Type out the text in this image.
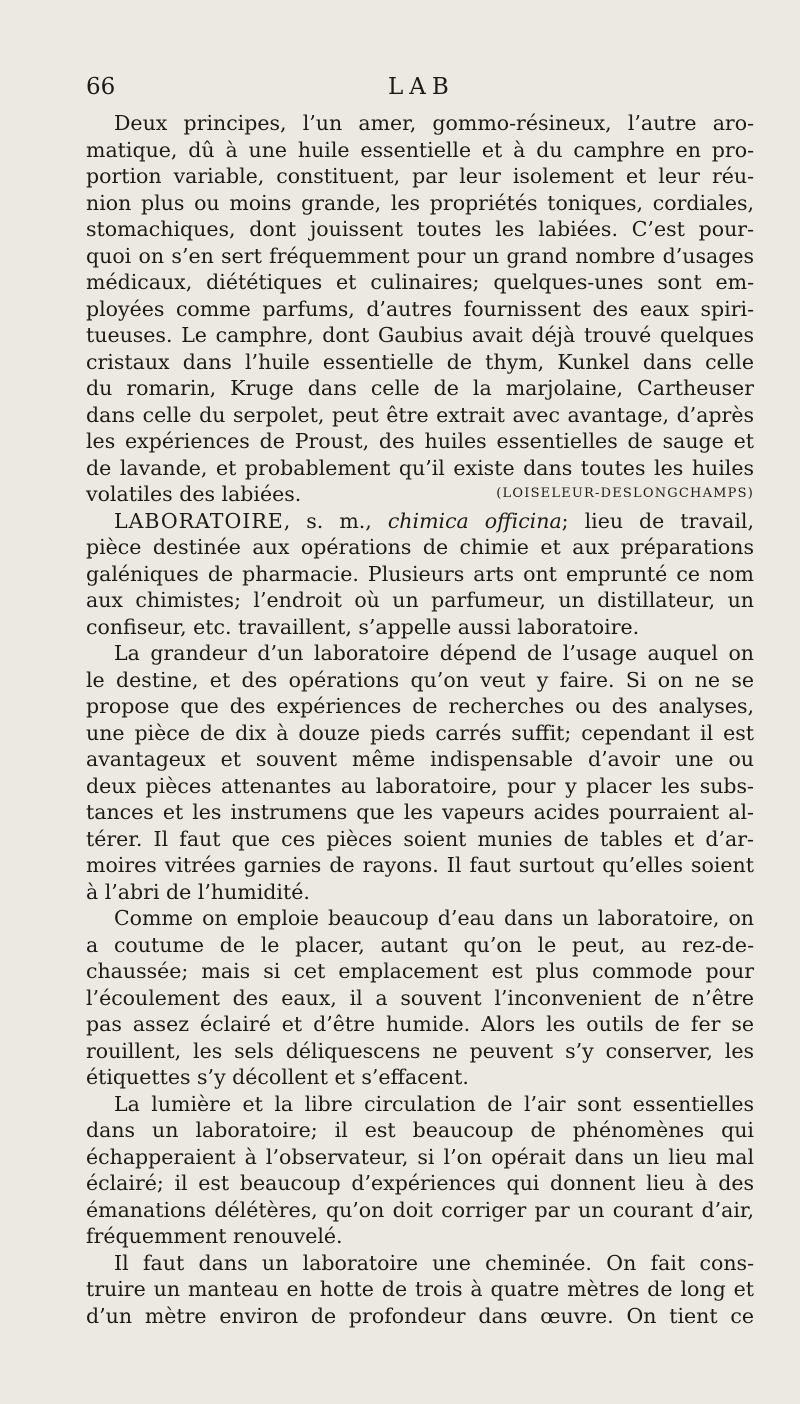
66	LAB
Deux principes, l’un amer, gommo-résineux, l’autre aro-
matique, dû à une huile essentielle et à du camphre en pro-
portion variable, constituent, par leur isolement et leur réu-
nion plus ou moins grande, les propriétés toniques, cordiales,
stomachiques, dont jouissent toutes les labiées. C’est pour-
quoi on s’en sert fréquemment pour un grand nombre d’usages
médicaux, diététiques et culinaires; quelques-unes sont em-
ployées comme parfums, d’autres fournissent des eaux spiri-
tueuses. Le camphre, dont Gaubius avait déjà trouvé quelques
cristaux dans l’huile essentielle de thym, Kunkel dans celle
du romarin, Kruge dans celle de la marjolaine, Cartheuser
dans celle du serpolet, peut être extrait avec avantage, d’après
les expériences de Proust, des huiles essentielles de sauge et
de lavande, et probablement qu’il existe dans toutes les huiles
volatiles des labiées.	(LOISELEUR-DESLONGCHAMPS)
LABORATOIRE, s. m., chimica officina; lieu de travail,
pièce destinée aux opérations de chimie et aux préparations
galéniques de pharmacie. Plusieurs arts ont emprunté ce nom
aux chimistes; l’endroit où un parfumeur, un distillateur, un
confiseur, etc. travaillent, s’appelle aussi laboratoire.
La grandeur d’un laboratoire dépend de l’usage auquel on
le destine, et des opérations qu’on veut y faire. Si on ne se
propose que des expériences de recherches ou des analyses,
une pièce de dix à douze pieds carrés suffit; cependant il est
avantageux et souvent même indispensable d’avoir une ou
deux pièces attenantes au laboratoire, pour y placer les subs-
tances et les instrumens que les vapeurs acides pourraient al-
térer. Il faut que ces pièces soient munies de tables et d’ar-
moires vitrées garnies de rayons. Il faut surtout qu’elles soient
à l’abri de l’humidité.
Comme on emploie beaucoup d’eau dans un laboratoire, on
a coutume de le placer, autant qu’on le peut, au rez-de-
chaussée; mais si cet emplacement est plus commode pour
l’écoulement des eaux, il a souvent l’inconvenient de n’être
pas assez éclairé et d’être humide. Alors les outils de fer se
rouillent, les sels déliquescens ne peuvent s’y conserver, les
étiquettes s’y décollent et s’effacent.
La lumière et la libre circulation de l’air sont essentielles
dans un laboratoire; il est beaucoup de phénomènes qui
échapperaient à l’observateur, si l’on opérait dans un lieu mal
éclairé; il est beaucoup d’expériences qui donnent lieu à des
émanations délétères, qu’on doit corriger par un courant d’air,
fréquemment renouvelé.
Il faut dans un laboratoire une cheminée. On fait cons-
truire un manteau en hotte de trois à quatre mètres de long et
d’un mètre environ de profondeur dans œuvre. On tient ce
